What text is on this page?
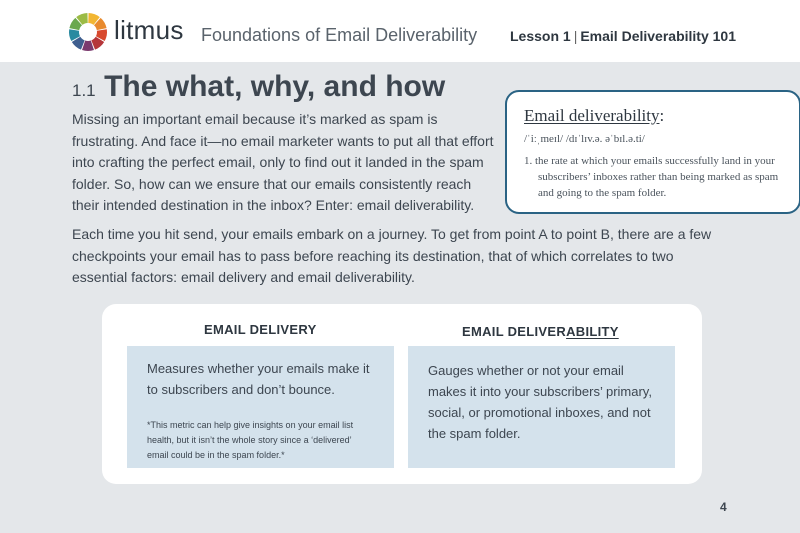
litmus Foundations of Email Deliverability Lesson 1 | Email Deliverability 101
1.1 The what, why, and how

Missing an important email because it’s marked as spam is frustrating. And face it—no email marketer wants to put all that effort into crafting the perfect email, only to find out it landed in the spam folder. So, how can we ensure that our emails consistently reach their intended destination in the inbox? Enter: email deliverability.

Email deliverability:
/ˈiːˌmeɪl/ /dɪˈlɪv.ə. əˈbɪl.ə.ti/
1. the rate at which your emails successfully land in your subscribers’ inboxes rather than being marked as spam and going to the spam folder.

Each time you hit send, your emails embark on a journey. To get from point A to point B, there are a few checkpoints your email has to pass before reaching its destination, that of which correlates to two essential factors: email delivery and email deliverability.

EMAIL DELIVERY	EMAIL DELIVERABILITY
Measures whether your emails make it to subscribers and don’t bounce.
*This metric can help give insights on your email list health, but it isn’t the whole story since a ‘delivered’ email could be in the spam folder.*
Gauges whether or not your email makes it into your subscribers’ primary, social, or promotional inboxes, and not the spam folder.
4
